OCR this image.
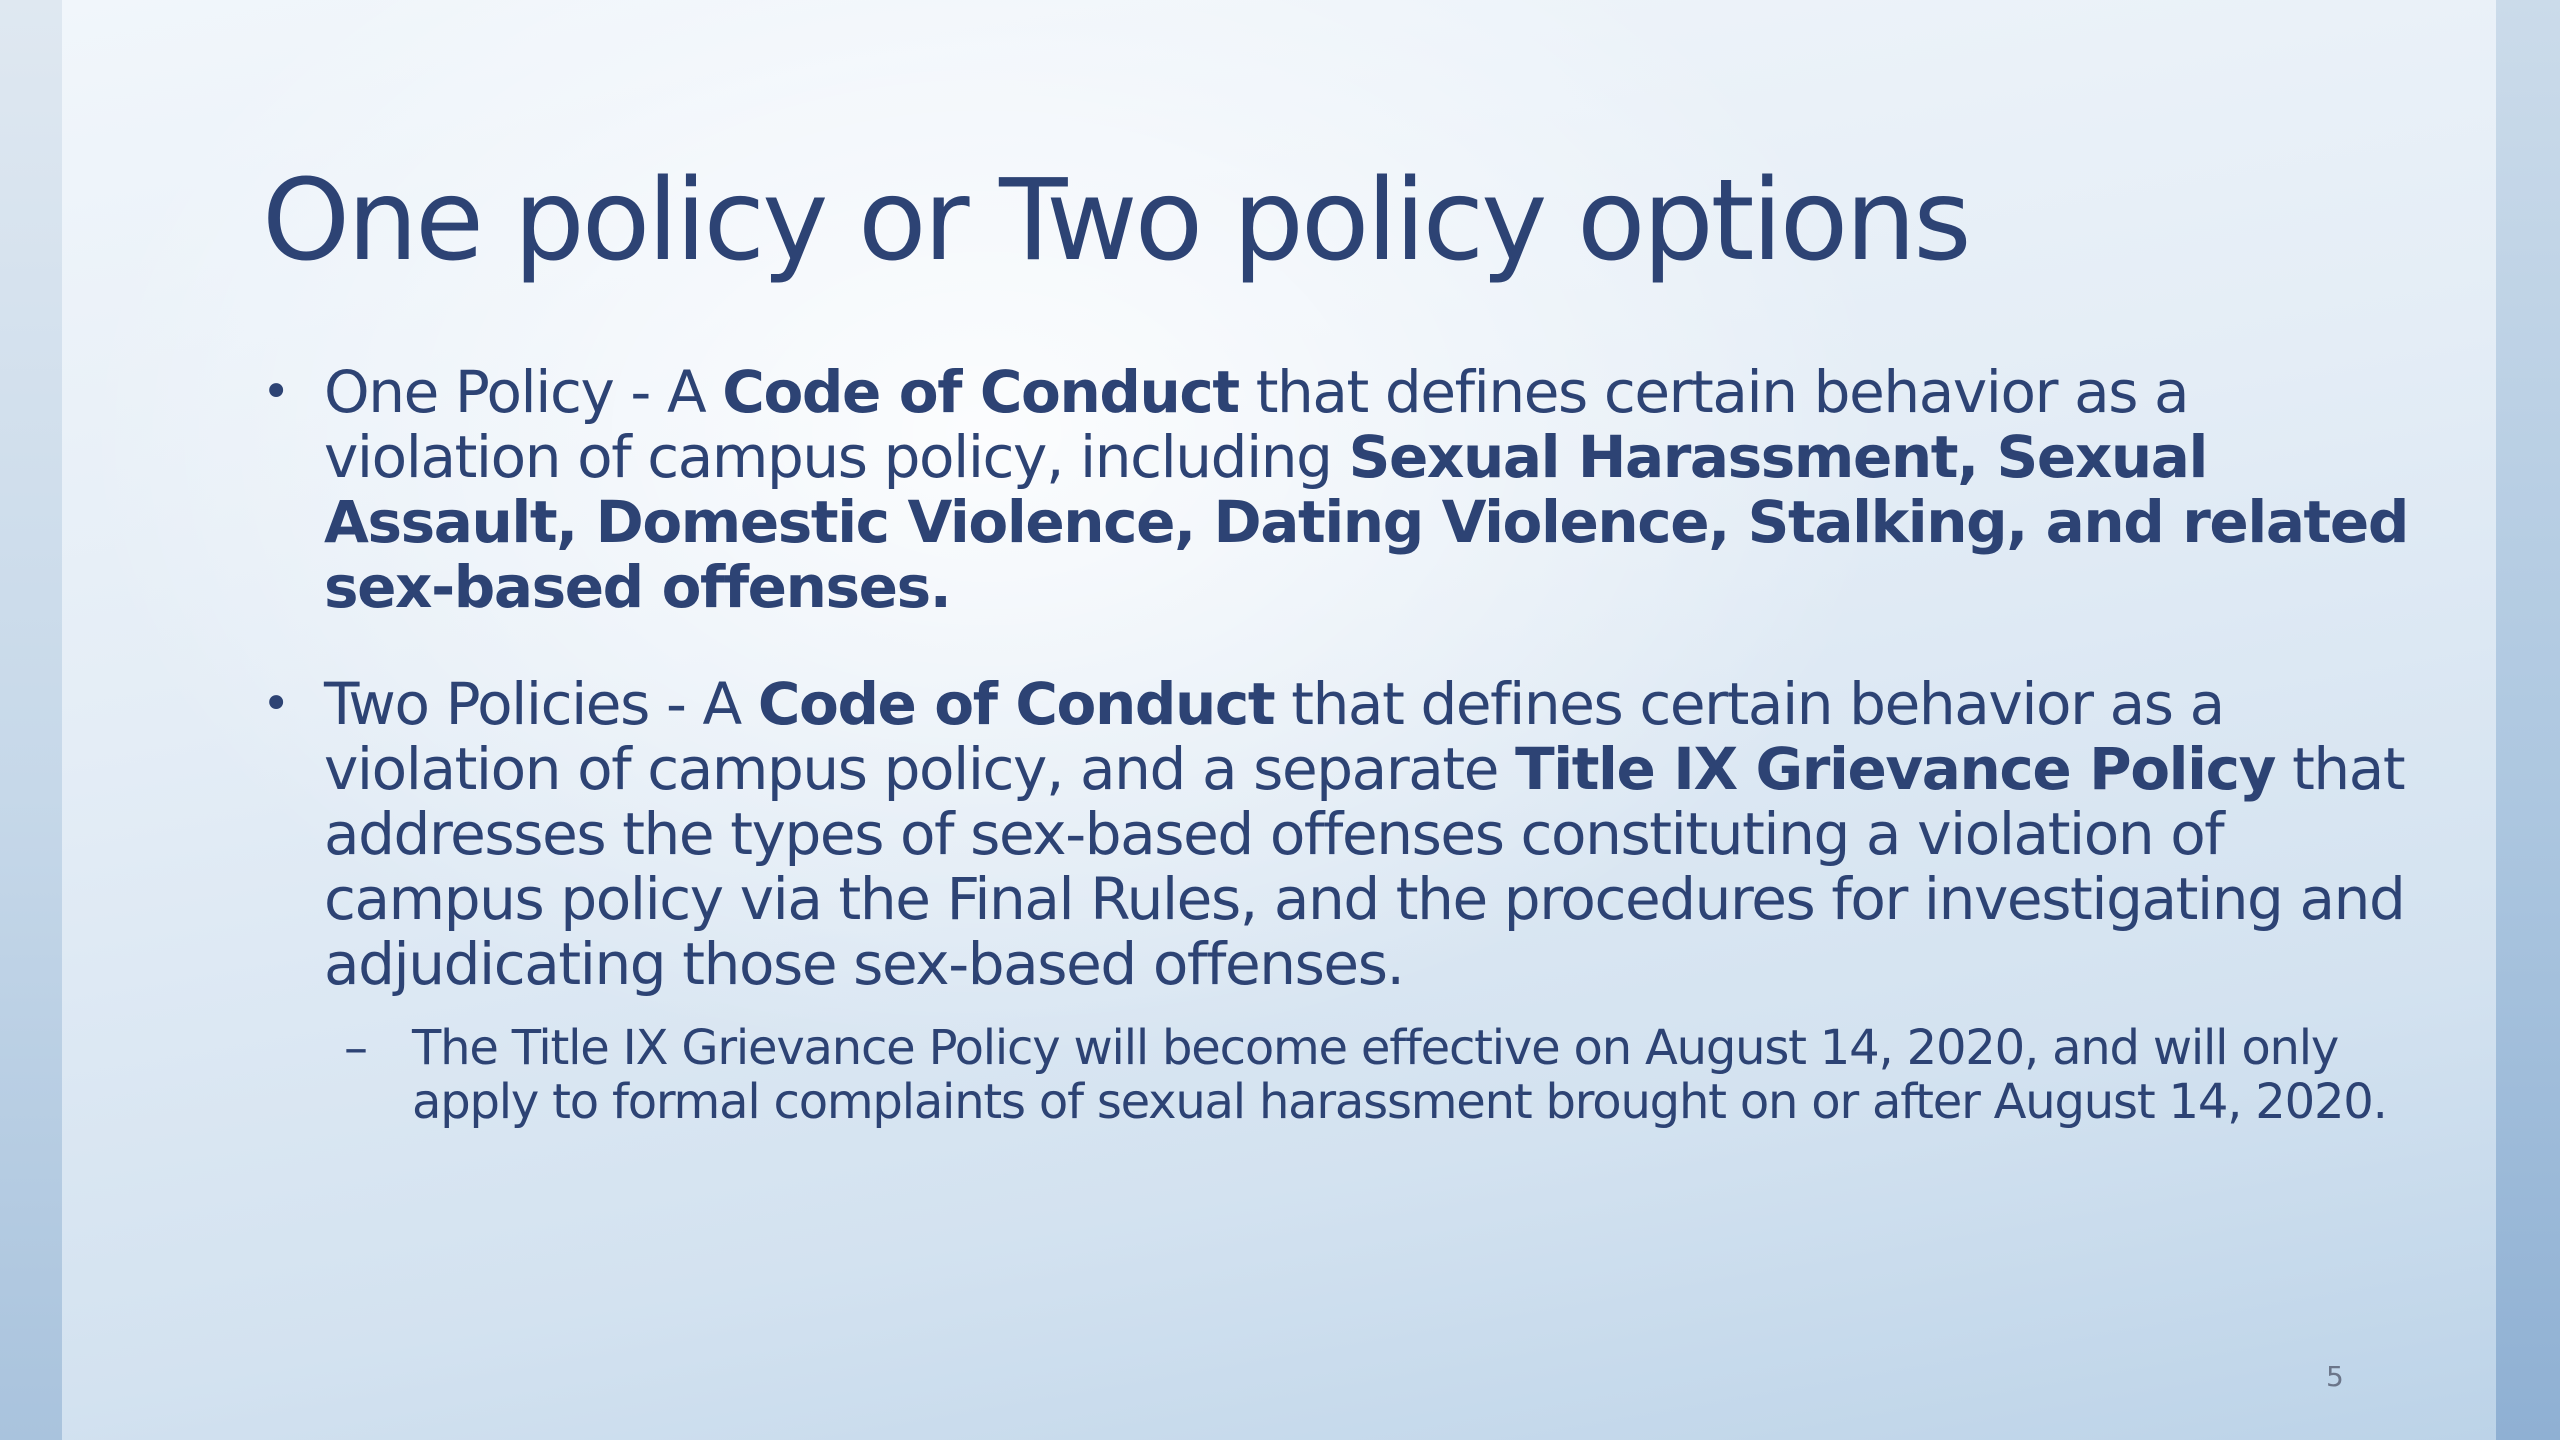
One policy or Two policy options
• One Policy - A Code of Conduct that defines certain behavior as a violation of campus policy, including Sexual Harassment, Sexual Assault, Domestic Violence, Dating Violence, Stalking, and related sex-based offenses.
• Two Policies - A Code of Conduct that defines certain behavior as a violation of campus policy, and a separate Title IX Grievance Policy that addresses the types of sex-based offenses constituting a violation of campus policy via the Final Rules, and the procedures for investigating and adjudicating those sex-based offenses.
– The Title IX Grievance Policy will become effective on August 14, 2020, and will only apply to formal complaints of sexual harassment brought on or after August 14, 2020.
5
